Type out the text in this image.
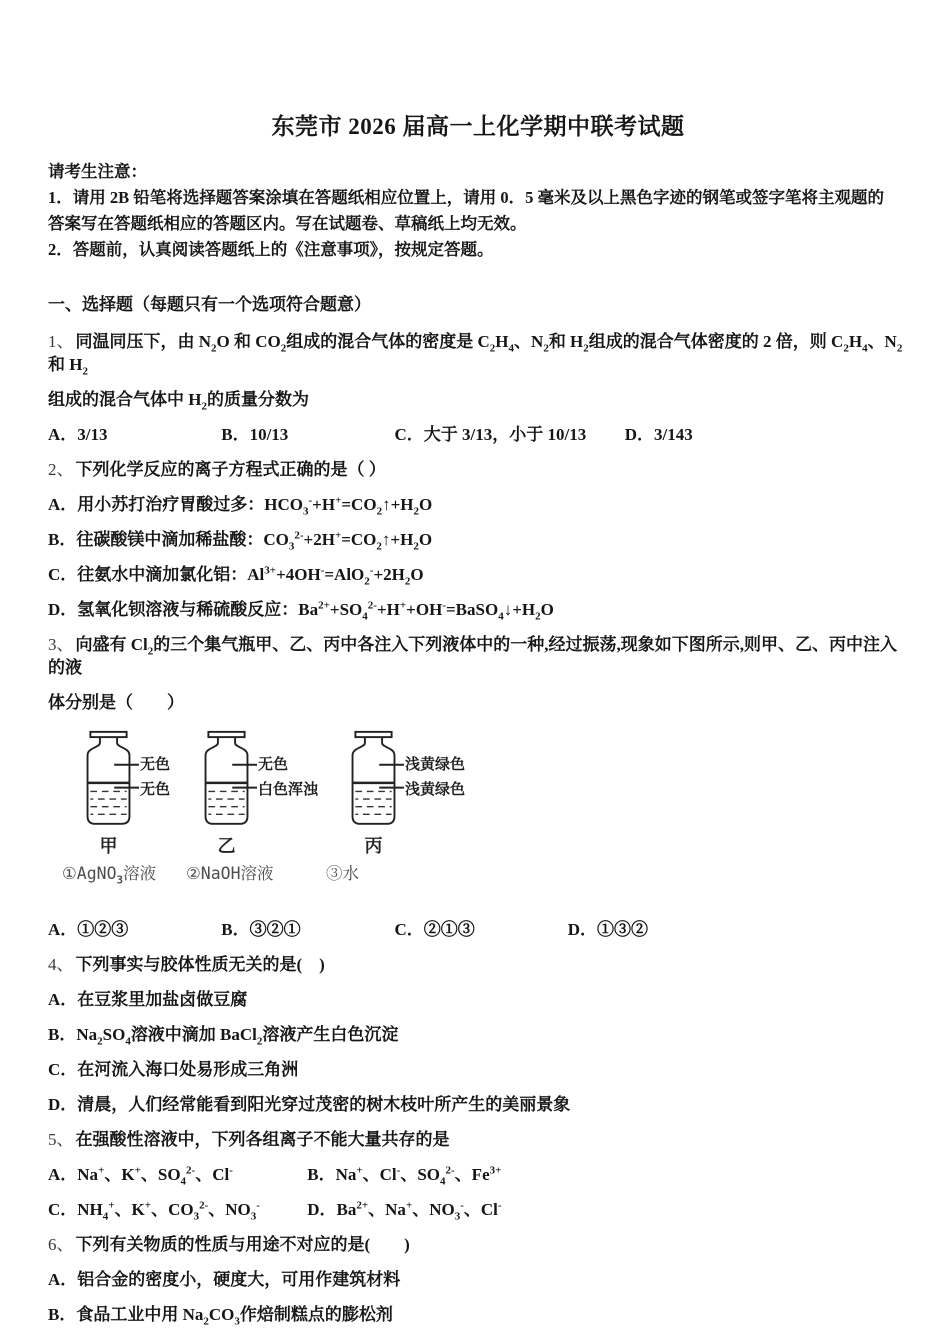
东莞市 2026 届高一上化学期中联考试题
请考生注意：
1．请用 2B 铅笔将选择题答案涂填在答题纸相应位置上，请用 0．5 毫米及以上黑色字迹的钢笔或签字笔将主观题的
答案写在答题纸相应的答题区内。写在试题卷、草稿纸上均无效。
2．答题前，认真阅读答题纸上的《注意事项》，按规定答题。
一、选择题（每题只有一个选项符合题意）
1、 同温同压下，由 $N_2O$ 和 $CO_2$组成的混合气体的密度是 $C_2H_4$、$N_2$和 $H_2$组成的混合气体密度的 2 倍，则 $C_2H_4$、$N_2$和 $H_2$
组成的混合气体中 $H_2$的质量分数为
A．3/13	B．10/13	C．大于 3/13，小于 10/13 D．3/143
2、 下列化学反应的离子方程式正确的是（ ）
A．用小苏打治疗胃酸过多：$HCO_3^-+H^+=CO_2↑+H_2O$
B．往碳酸镁中滴加稀盐酸：$CO_3^{2-}+2H^+=CO_2↑+H_2O$
C．往氨水中滴加氯化铝：$Al^{3+}+4OH^-=AlO_2^-+2H_2O$
D．氢氧化钡溶液与稀硫酸反应：$Ba^{2+}+SO_4^{2-}+H^++OH^-=BaSO_4↓+H_2O$
3、 向盛有 $Cl_2$的三个集气瓶甲、乙、丙中各注入下列液体中的一种,经过振荡,现象如下图所示,则甲、乙、丙中注入的液
体分别是（　　）
无色
无色
甲
无色
白色浑浊
乙
浅黄绿色
浅黄绿色
丙
①AgNO$_3$溶液	②NaOH溶液	③水
A．①②③	B．③②①	C．②①③	D．①③②
4、 下列事实与胶体性质无关的是(　)
A．在豆浆里加盐卤做豆腐
B．$Na_2SO_4$溶液中滴加 BaCl$_2$溶液产生白色沉淀
C．在河流入海口处易形成三角洲
D．清晨，人们经常能看到阳光穿过茂密的树木枝叶所产生的美丽景象
5、 在强酸性溶液中，下列各组离子不能大量共存的是
A．Na+、K+、$SO_4^{2-}$、Cl-	B．Na+、Cl-、$SO_4^{2-}$、$Fe^{3+}$
C．$NH_4^+$、K+、$CO_3^{2-}$、$NO_3^-$	D．$Ba^{2+}$、Na+、$NO_3^-$、Cl-
6、 下列有关物质的性质与用途不对应的是(　　)
A．铝合金的密度小，硬度大，可用作建筑材料
B．食品工业中用 $Na_2CO_3$作焙制糕点的膨松剂
